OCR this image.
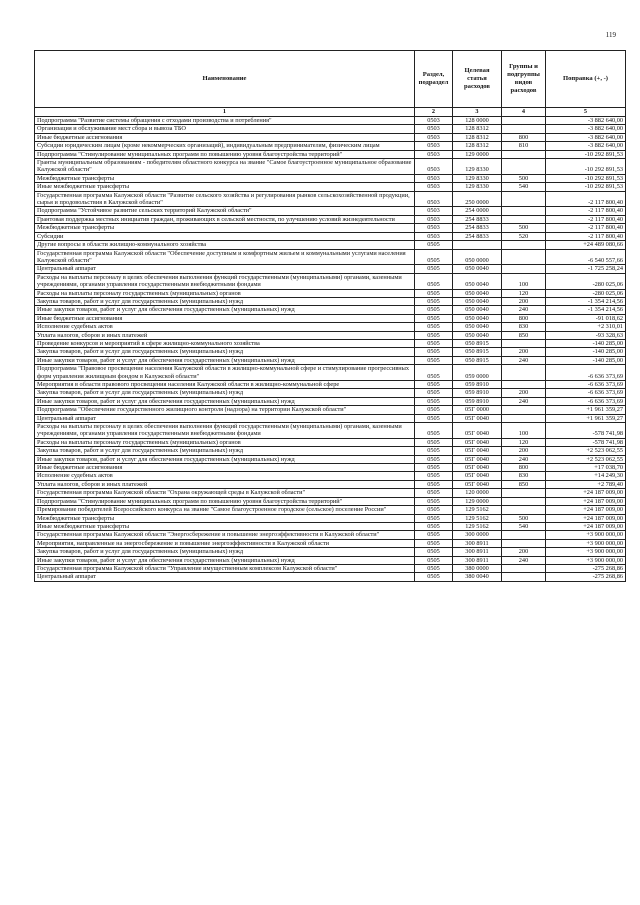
119
Наименование	Раздел, подраздел	Целевая статья расходов	Группы и подгруппы видов расходов	Поправка (+, -)
1	2	3	4	5
Подпрограмма "Развитие системы обращения с отходами производства и потребления"	0503	128 0000		-3 882 640,00
Организация и обслуживание мест сбора и вывоза ТБО	0503	128 8312		-3 882 640,00
Иные бюджетные ассигнования	0503	128 8312	800	-3 882 640,00
Субсидии юридическим лицам (кроме некоммерческих организаций), индивидуальным предпринимателям, физическим лицам	0503	128 8312	810	-3 882 640,00
Подпрограмма "Стимулирование муниципальных программ по повышению уровня благоустройства территорий"	0503	129 0000		-10 292 891,53
Гранты муниципальным образованиям - победителям областного конкурса на звание "Самое благоустроенное муниципальное образование Калужской области"	0503	129 8330		-10 292 891,53
Межбюджетные трансферты	0503	129 8330	500	-10 292 891,53
Иные межбюджетные трансферты	0503	129 8330	540	-10 292 891,53
Государственная программа Калужской области "Развитие сельского хозяйства и регулирования рынков сельскохозяйственной продукции, сырья и продовольствия в Калужской области"	0503	250 0000		-2 117 800,40
Подпрограмма "Устойчивое развитие сельских территорий Калужской области"	0503	254 0000		-2 117 800,40
Грантовая поддержка местных инициатив граждан, проживающих в сельской местности, по улучшению условий жизнедеятельности	0503	254 8833		-2 117 800,40
Межбюджетные трансферты	0503	254 8833	500	-2 117 800,40
Субсидии	0503	254 8833	520	-2 117 800,40
Другие вопросы в области жилищно-коммунального хозяйства	0505			+24 489 080,66
Государственная программа Калужской области "Обеспечение доступным и комфортным жильем и коммунальными услугами населения Калужской области"	0505	050 0000		-6 540 557,66
Центральный аппарат	0505	050 0040		-1 725 258,24
Расходы на выплаты персоналу в целях обеспечения выполнения функций государственными (муниципальными) органами, казенными учреждениями, органами управления государственными внебюджетными фондами	0505	050 0040	100	-280 025,06
Расходы на выплаты персоналу государственных (муниципальных) органов	0505	050 0040	120	-280 025,06
Закупка товаров, работ и услуг для государственных (муниципальных) нужд	0505	050 0040	200	-1 354 214,56
Иные закупки товаров, работ и услуг для обеспечения государственных (муниципальных) нужд	0505	050 0040	240	-1 354 214,56
Иные бюджетные ассигнования	0505	050 0040	800	-91 018,62
Исполнение судебных актов	0505	050 0040	830	+2 310,01
Уплата налогов, сборов и иных платежей	0505	050 0040	850	-93 328,63
Проведение конкурсов и мероприятий в сфере жилищно-коммунального хозяйства	0505	050 8915		-140 285,00
Закупка товаров, работ и услуг для государственных (муниципальных) нужд	0505	050 8915	200	-140 285,00
Иные закупки товаров, работ и услуг для обеспечения государственных (муниципальных) нужд	0505	050 8915	240	-140 285,00
Подпрограмма "Правовое просвещение населения Калужской области в жилищно-коммунальной сфере и стимулирование прогрессивных форм управления жилищным фондом в Калужской области"	0505	059 0000		-6 636 373,69
Мероприятия в области правового просвещения населения Калужской области в жилищно-коммунальной сфере	0505	059 8910		-6 636 373,69
Закупка товаров, работ и услуг для государственных (муниципальных) нужд	0505	059 8910	200	-6 636 373,69
Иные закупки товаров, работ и услуг для обеспечения государственных (муниципальных) нужд	0505	059 8910	240	-6 636 373,69
Подпрограмма "Обеспечение государственного жилищного контроля (надзора) на территории Калужской области"	0505	05Г 0000		+1 961 359,27
Центральный аппарат	0505	05Г 0040		+1 961 359,27
Расходы на выплаты персоналу в целях обеспечения выполнения функций государственными (муниципальными) органами, казенными учреждениями, органами управления государственными внебюджетными фондами	0505	05Г 0040	100	-578 741,98
Расходы на выплаты персоналу государственных (муниципальных) органов	0505	05Г 0040	120	-578 741,98
Закупка товаров, работ и услуг для государственных (муниципальных) нужд	0505	05Г 0040	200	+2 523 062,55
Иные закупки товаров, работ и услуг для обеспечения государственных (муниципальных) нужд	0505	05Г 0040	240	+2 523 062,55
Иные бюджетные ассигнования	0505	05Г 0040	800	+17 038,70
Исполнение судебных актов	0505	05Г 0040	830	+14 249,30
Уплата налогов, сборов и иных платежей	0505	05Г 0040	850	+2 789,40
Государственная программа Калужской области "Охрана окружающей среды в Калужской области"	0505	120 0000		+24 187 009,00
Подпрограмма "Стимулирование муниципальных программ по повышению уровня благоустройства территорий"	0505	129 0000		+24 187 009,00
Премирование победителей Всероссийского конкурса на звание "Самое благоустроенное городское (сельское) поселение России"	0505	129 5162		+24 187 009,00
Межбюджетные трансферты	0505	129 5162	500	+24 187 009,00
Иные межбюджетные трансферты	0505	129 5162	540	+24 187 009,00
Государственная программа Калужской области "Энергосбережение и повышение энергоэффективности в Калужской области"	0505	300 0000		+3 900 000,00
Мероприятия, направленные на энергосбережение и повышение энергоэффективности в Калужской области	0505	300 8911		+3 900 000,00
Закупка товаров, работ и услуг для государственных (муниципальных) нужд	0505	300 8911	200	+3 900 000,00
Иные закупки товаров, работ и услуг для обеспечения государственных (муниципальных) нужд	0505	300 8911	240	+3 900 000,00
Государственная программа Калужской области "Управление имущественным комплексом Калужской области"	0505	380 0000		-275 268,86
Центральный аппарат	0505	380 0040		-275 268,86
